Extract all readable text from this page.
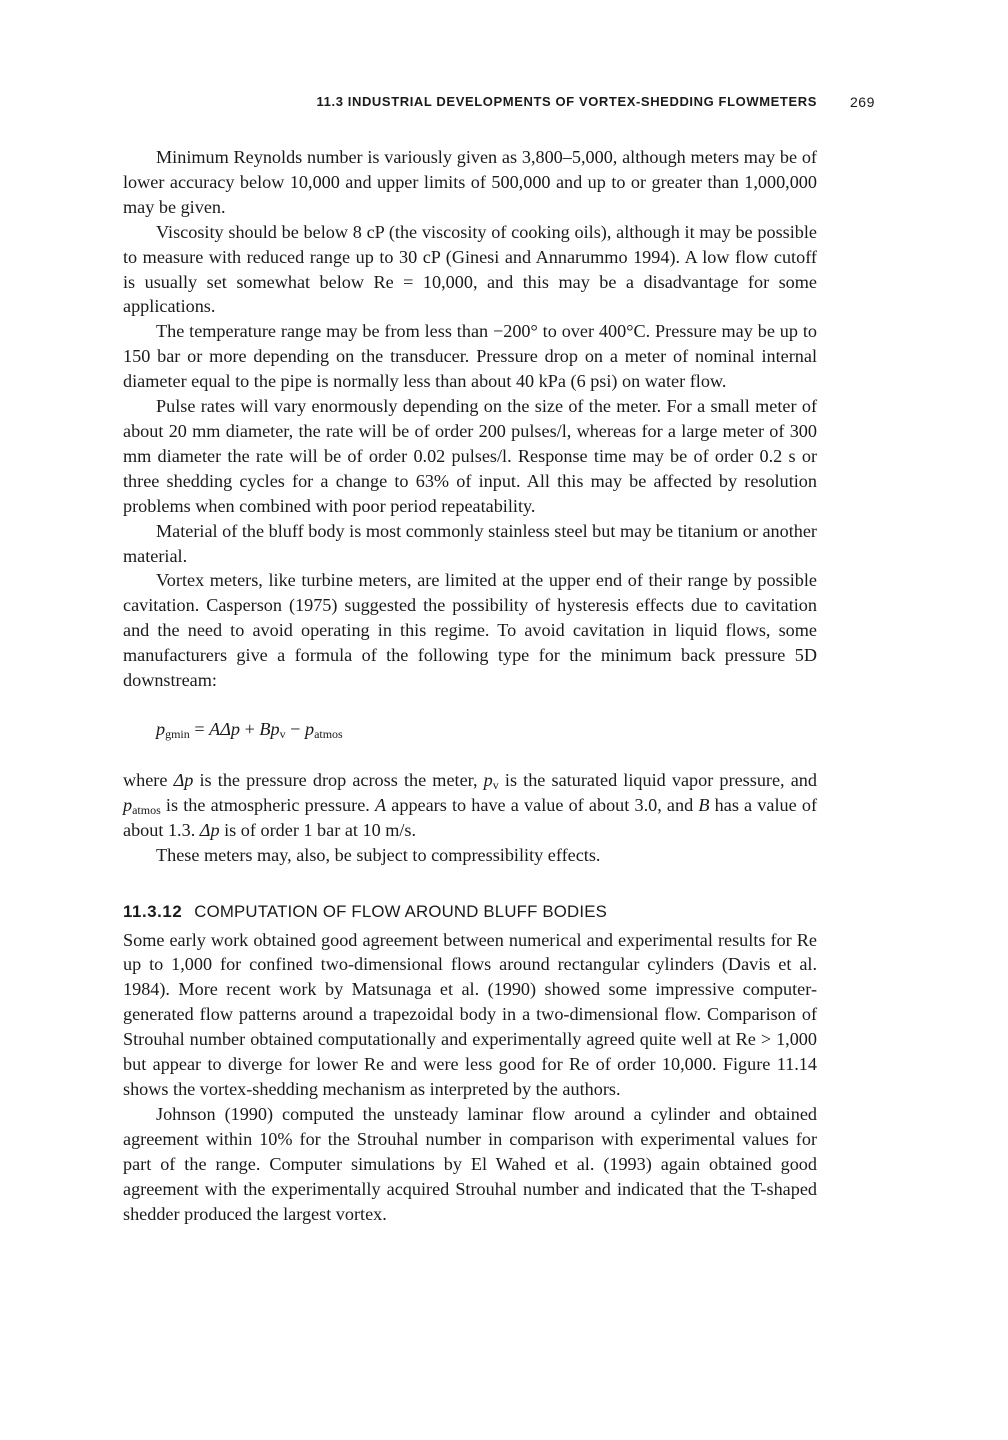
11.3 INDUSTRIAL DEVELOPMENTS OF VORTEX-SHEDDING FLOWMETERS 269

Minimum Reynolds number is variously given as 3,800–5,000, although meters may be of lower accuracy below 10,000 and upper limits of 500,000 and up to or greater than 1,000,000 may be given.

Viscosity should be below 8 cP (the viscosity of cooking oils), although it may be possible to measure with reduced range up to 30 cP (Ginesi and Annarummo 1994). A low flow cutoff is usually set somewhat below Re = 10,000, and this may be a disadvantage for some applications.

The temperature range may be from less than −200° to over 400°C. Pressure may be up to 150 bar or more depending on the transducer. Pressure drop on a meter of nominal internal diameter equal to the pipe is normally less than about 40 kPa (6 psi) on water flow.

Pulse rates will vary enormously depending on the size of the meter. For a small meter of about 20 mm diameter, the rate will be of order 200 pulses/l, whereas for a large meter of 300 mm diameter the rate will be of order 0.02 pulses/l. Response time may be of order 0.2 s or three shedding cycles for a change to 63% of input. All this may be affected by resolution problems when combined with poor period repeatability.

Material of the bluff body is most commonly stainless steel but may be titanium or another material.

Vortex meters, like turbine meters, are limited at the upper end of their range by possible cavitation. Casperson (1975) suggested the possibility of hysteresis effects due to cavitation and the need to avoid operating in this regime. To avoid cavitation in liquid flows, some manufacturers give a formula of the following type for the minimum back pressure 5D downstream:

$p_{gmin} = A\Delta p + Bp_v - p_{atmos}$

where Δp is the pressure drop across the meter, $p_v$ is the saturated liquid vapor pressure, and $p_{atmos}$ is the atmospheric pressure. A appears to have a value of about 3.0, and B has a value of about 1.3. Δp is of order 1 bar at 10 m/s.

These meters may, also, be subject to compressibility effects.

11.3.12 COMPUTATION OF FLOW AROUND BLUFF BODIES

Some early work obtained good agreement between numerical and experimental results for Re up to 1,000 for confined two-dimensional flows around rectangular cylinders (Davis et al. 1984). More recent work by Matsunaga et al. (1990) showed some impressive computer-generated flow patterns around a trapezoidal body in a two-dimensional flow. Comparison of Strouhal number obtained computationally and experimentally agreed quite well at Re > 1,000 but appear to diverge for lower Re and were less good for Re of order 10,000. Figure 11.14 shows the vortex-shedding mechanism as interpreted by the authors.

Johnson (1990) computed the unsteady laminar flow around a cylinder and obtained agreement within 10% for the Strouhal number in comparison with experimental values for part of the range. Computer simulations by El Wahed et al. (1993) again obtained good agreement with the experimentally acquired Strouhal number and indicated that the T-shaped shedder produced the largest vortex.
